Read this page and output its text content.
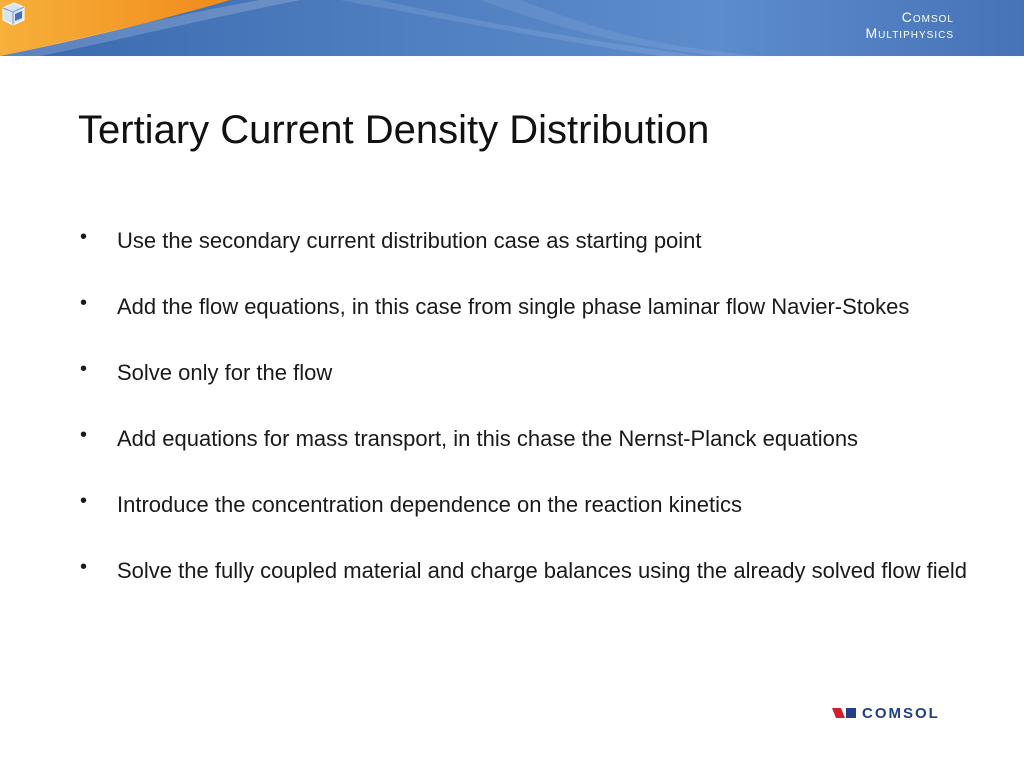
Comsol
Multiphysics
Tertiary Current Density Distribution
• Use the secondary current distribution case as starting point
• Add the flow equations, in this case from single phase laminar flow Navier-Stokes
• Solve only for the flow
• Add equations for mass transport, in this chase the Nernst-Planck equations
• Introduce the concentration dependence on the reaction kinetics
• Solve the fully coupled material and charge balances using the already solved flow field
COMSOL
